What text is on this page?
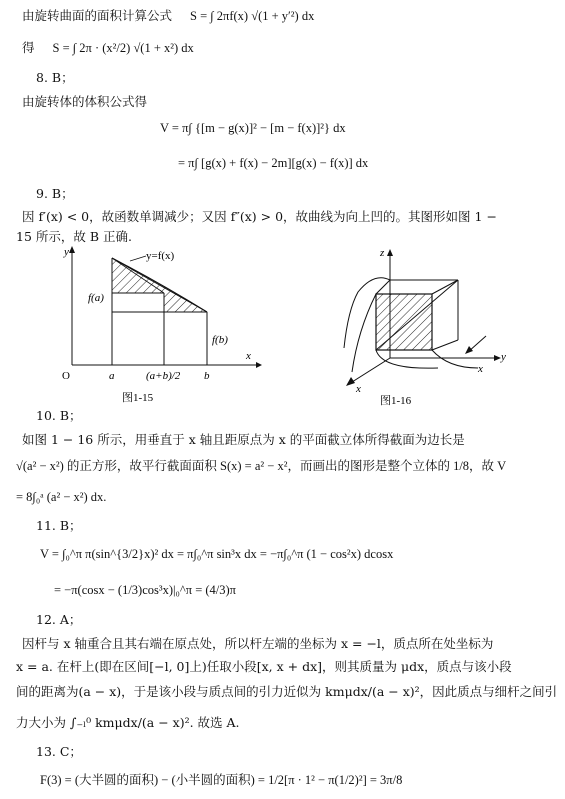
由旋转曲面的面积计算公式 S = ∫ 2πf(x) √(1 + y′²) dx
得 S = ∫ 2π · (x²/2) √(1 + x²) dx
8. B；
由旋转体的体积公式得
V = π∫ {[m − g(x)]² − [m − f(x)]²} dx
= π∫ [g(x) + f(x) − 2m][g(x) − f(x)] dx
9. B；
因 f′(x) < 0，故函数单调减少；又因 f″(x) > 0，故曲线为向上凹的。其图形如图 1 −
15 所示，故 B 正确.
y=f(x)
f(a)
f(b)
y
x
O	a	(a+b)/2 b
图1-15
z
y
x
x
图1-16
10. B；
如图 1 − 16 所示，用垂直于 x 轴且距原点为 x 的平面截立体所得截面为边长是
√(a² − x²) 的正方形，故平行截面面积 S(x) = a² − x²，而画出的图形是整个立体的 1/8，故 V
= 8∫₀ᵃ (a² − x²) dx.
11. B；
V = ∫₀^π π(sin^{3/2}x)² dx = π∫₀^π sin³x dx = −π∫₀^π (1 − cos²x) dcosx
= −π(cosx − (1/3)cos³x)|₀^π = (4/3)π
12. A；
因杆与 x 轴重合且其右端在原点处，所以杆左端的坐标为 x = −l，质点所在处坐标为
x = a. 在杆上(即在区间[−l, 0]上)任取小段[x, x + dx]，则其质量为 μdx，质点与该小段
间的距离为(a − x)，于是该小段与质点间的引力近似为 kmμdx/(a − x)²，因此质点与细杆之间引
力大小为 ∫₋ₗ⁰ kmμdx/(a − x)². 故选 A.
13. C；
F(3) = (大半圆的面积) − (小半圆的面积) = 1/2[π · 1² − π(1/2)²] = 3π/8
